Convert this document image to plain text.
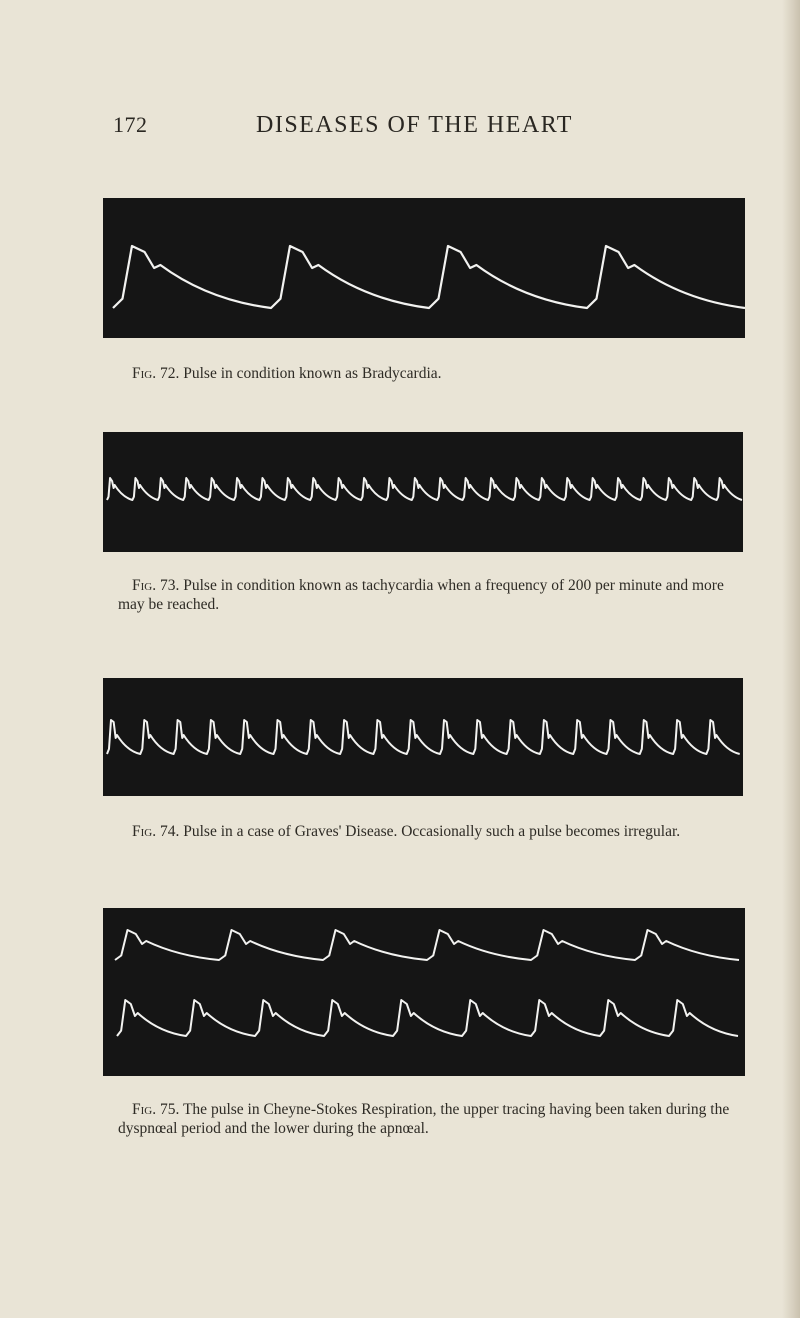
172	DISEASES OF THE HEART
Fig. 72. Pulse in condition known as Bradycardia.
Fig. 73. Pulse in condition known as tachycardia when a frequency of 200 per minute and more may be reached.
Fig. 74. Pulse in a case of Graves' Disease. Occasionally such a pulse becomes irregular.
Fig. 75. The pulse in Cheyne-Stokes Respiration, the upper tracing having been taken during the dyspnœal period and the lower during the apnœal.
